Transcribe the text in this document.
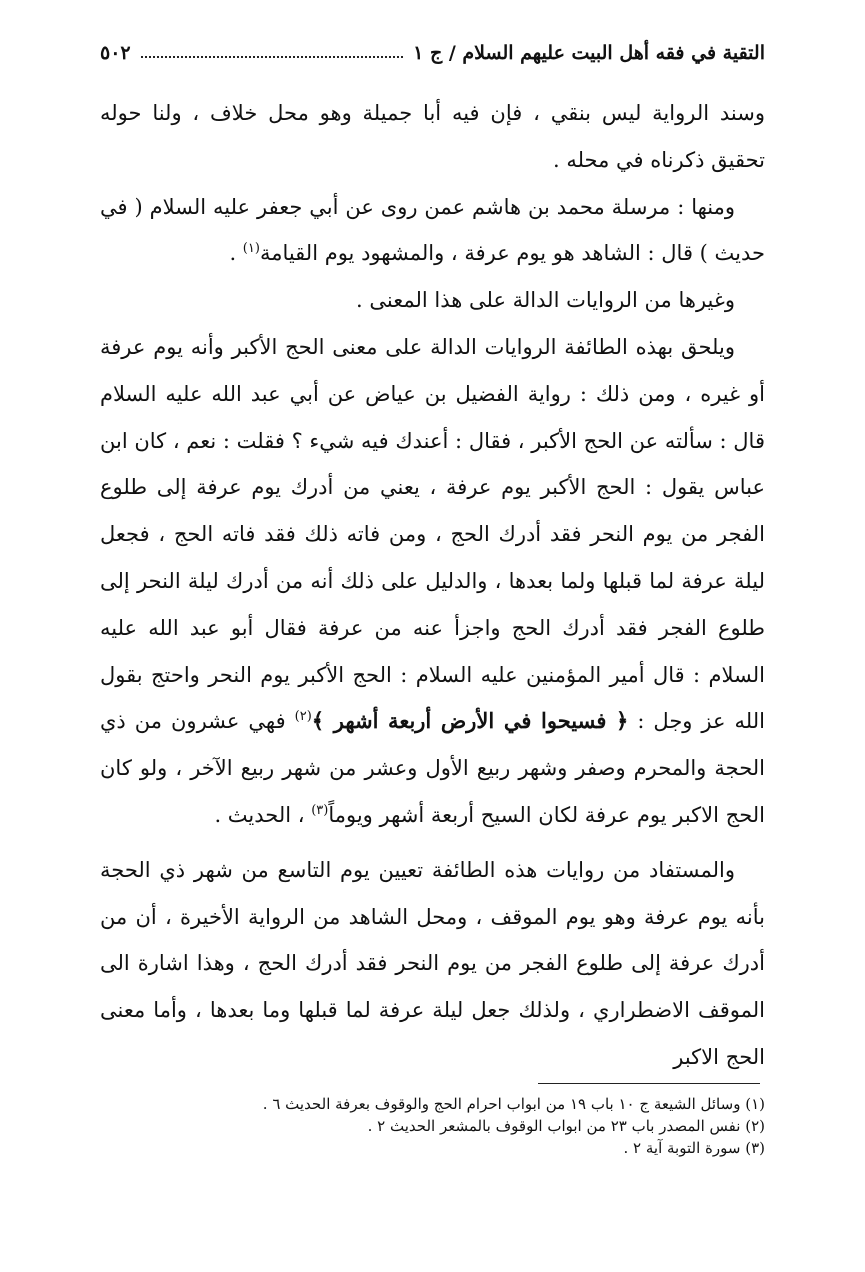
التقية في فقه أهل البيت عليهم السلام / ج ١
٥٠٢

وسند الرواية ليس بنقي ، فإن فيه أبا جميلة وهو محل خلاف ، ولنا حوله تحقيق ذكرناه في محله .

ومنها : مرسلة محمد بن هاشم عمن روى عن أبي جعفر عليه السلام ( في حديث ) قال : الشاهد هو يوم عرفة ، والمشهود يوم القيامة$^{(١)}$ .

وغيرها من الروايات الدالة على هذا المعنى .

ويلحق بهذه الطائفة الروايات الدالة على معنى الحج الأكبر وأنه يوم عرفة أو غيره ، ومن ذلك : رواية الفضيل بن عياض عن أبي عبد الله عليه السلام قال : سألته عن الحج الأكبر ، فقال : أعندك فيه شيء ؟ فقلت : نعم ، كان ابن عباس يقول : الحج الأكبر يوم عرفة ، يعني من أدرك يوم عرفة إلى طلوع الفجر من يوم النحر فقد أدرك الحج ، ومن فاته ذلك فقد فاته الحج ، فجعل ليلة عرفة لما قبلها ولما بعدها ، والدليل على ذلك أنه من أدرك ليلة النحر إلى طلوع الفجر فقد أدرك الحج واجزأ عنه من عرفة فقال أبو عبد الله عليه السلام : قال أمير المؤمنين عليه السلام : الحج الأكبر يوم النحر واحتج بقول الله عز وجل : ﴿ فسيحوا في الأرض أربعة أشهر ﴾$^{(٢)}$ فهي عشرون من ذي الحجة والمحرم وصفر وشهر ربيع الأول وعشر من شهر ربيع الآخر ، ولو كان الحج الاكبر يوم عرفة لكان السيح أربعة أشهر ويوماً$^{(٣)}$ ، الحديث .

والمستفاد من روايات هذه الطائفة تعيين يوم التاسع من شهر ذي الحجة بأنه يوم عرفة وهو يوم الموقف ، ومحل الشاهد من الرواية الأخيرة ، أن من أدرك عرفة إلى طلوع الفجر من يوم النحر فقد أدرك الحج ، وهذا اشارة الى الموقف الاضطراري ، ولذلك جعل ليلة عرفة لما قبلها وما بعدها ، وأما معنى الحج الاكبر

(١) وسائل الشيعة ج ١٠ باب ١٩ من ابواب احرام الحج والوقوف بعرفة الحديث ٦ .
(٢) نفس المصدر باب ٢٣ من ابواب الوقوف بالمشعر الحديث ٢ .
(٣) سورة التوبة آية ٢ .
